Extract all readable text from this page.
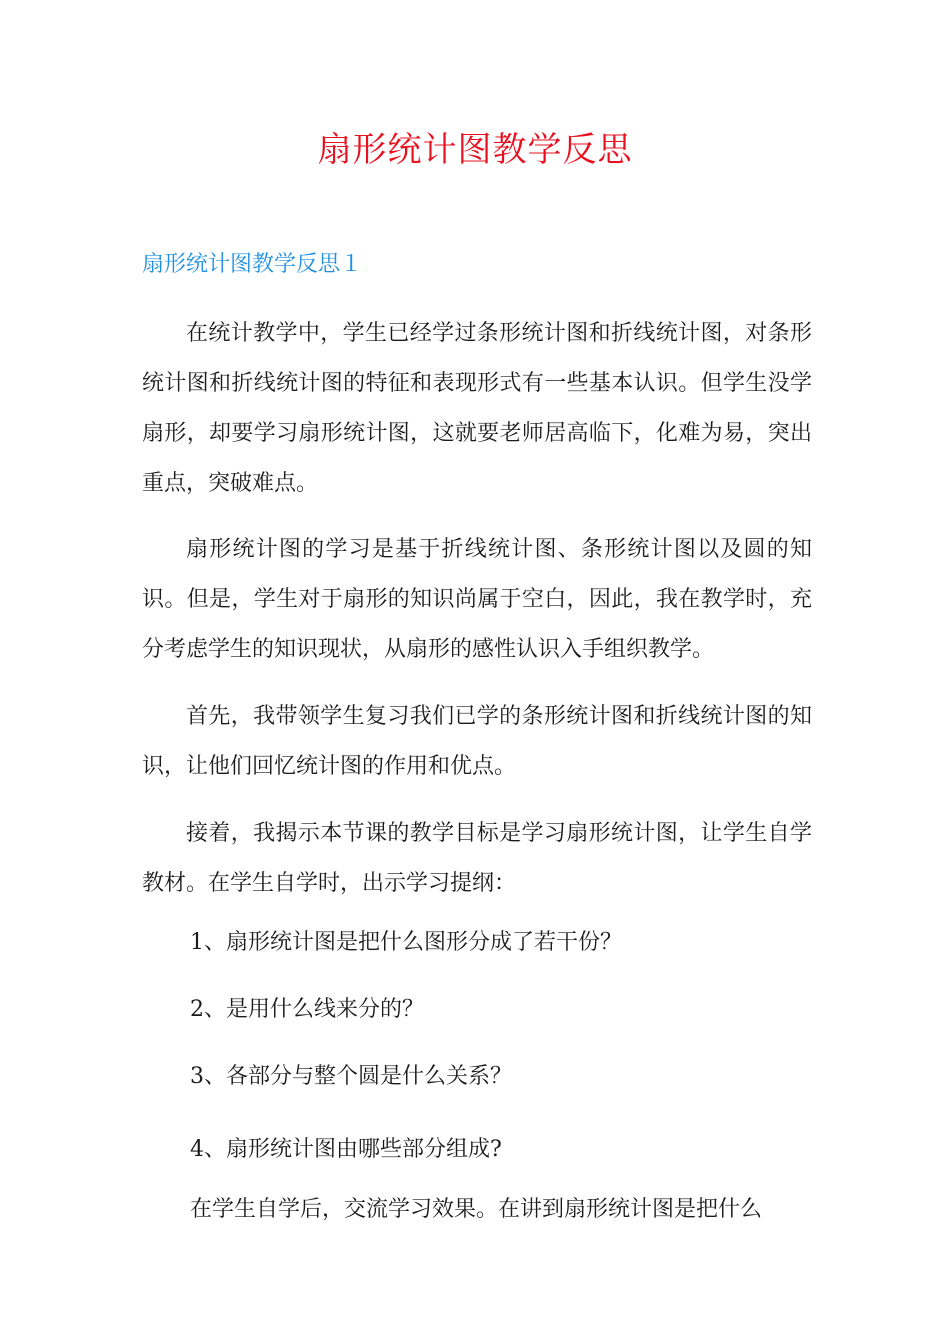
扇形统计图教学反思
扇形统计图教学反思１

在统计教学中，学生已经学过条形统计图和折线统计图，对条形统计图和折线统计图的特征和表现形式有一些基本认识。但学生没学扇形，却要学习扇形统计图，这就要老师居高临下，化难为易，突出重点，突破难点。

扇形统计图的学习是基于折线统计图、条形统计图以及圆的知识。但是，学生对于扇形的知识尚属于空白，因此，我在教学时，充分考虑学生的知识现状，从扇形的感性认识入手组织教学。

首先，我带领学生复习我们已学的条形统计图和折线统计图的知识，让他们回忆统计图的作用和优点。

接着，我揭示本节课的教学目标是学习扇形统计图，让学生自学教材。在学生自学时，出示学习提纲：

1、扇形统计图是把什么图形分成了若干份？

2、是用什么线来分的？

3、各部分与整个圆是什么关系？

4、扇形统计图由哪些部分组成?

在学生自学后，交流学习效果。在讲到扇形统计图是把什么
